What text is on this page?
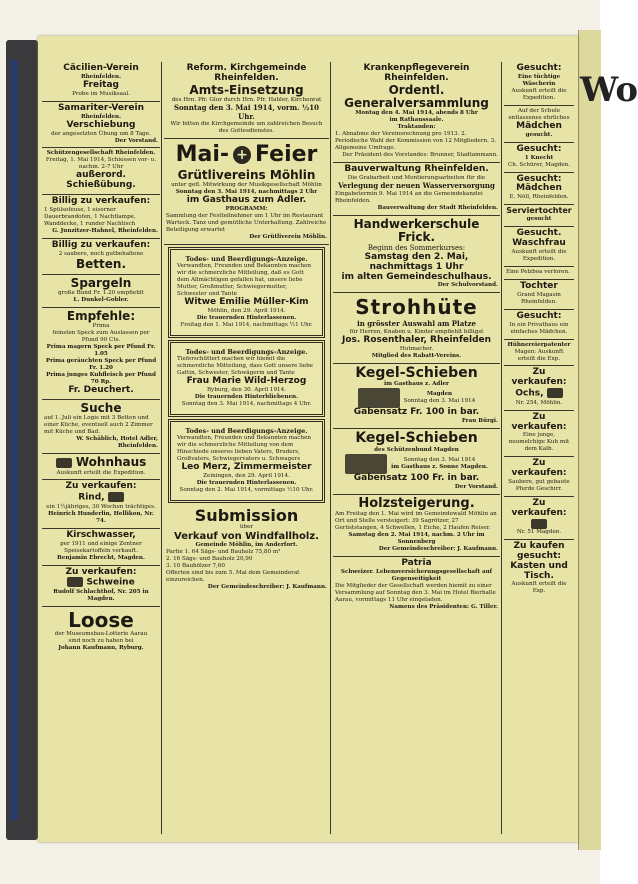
Wo
Cäcilien-Verein
Rheinfelden.
Freitag
Probe im Musiksaal.
Samariter-Verein
Rheinfelden.
Verschiebung
der angesetzten Übung um 8 Tage.
Der Vorstand.
Schützengesellschaft Rheinfelden.
Freitag, 1. Mai 1914, Schiessen vor- u. nachm. 2-7 Uhr
außerord. Schießübung.
Billig zu verkaufen:
1 Spülsofeuse, 1 eiserner Dauerbrandofen, 1 Nachtlampe, Wanddecke, 1 runder Nachtisch
G. Junzitzer-Hahnel, Rheinfelden.
Billig zu verkaufen:
2 saubere, noch gutbehaltene
Betten.
Spargeln
große Bund Fr. 1.20 empfiehlt
L. Dunkel-Gobler.
Empfehle:
Prima
feinsten Speck zum Auslassen per Pfund 90 Cts.
Prima magern Speck per Pfund Fr. 1.05
Prima geräuchten Speck per Pfund Fr. 1.20
Prima junges Kuhfleisch per Pfund 70 Rp.
Fr. Deuchert.
Suche
auf 1. Juli ein Logis mit 3 Betten und einer Küche, eventuell auch 2 Zimmer mit Küche und Bad.
W. Schäblich, Hotel Adler, Rheinfelden.
Wohnhaus
Auskunft erteilt die Expedition.
Zu verkaufen:
Rind,
ein 1½jähriges, 30 Wochen trächtiges.
Heinrich Hunderlin, Hellikon, Nr. 74.
Kirschwasser,
per 1911 und einige Zentner Speisekartoffeln verkauft.
Benjamin Ebrecht, Magden.
Zu verkaufen:
Schweine
Rudolf Schlachthof, Nr. 205 in Magden.
Loose
der Museumsbau-Lotterie Aarau
sind noch zu haben bei
Johann Kaufmann, Ryburg.
Reform. Kirchgemeinde Rheinfelden.
Amts-Einsetzung
des Hrn. Pfr. Glur durch Hrn. Pfr. Hahler, Kirchenrat
Sonntag den 3. Mai 1914, vorm. ½10 Uhr.
Wir bitten die Kirchgemeinde um zahlreichen Besuch des Gottesdienstes.
Mai- + Feier
Grütlivereins Möhlin
unter gefl. Mitwirkung der Musikgesellschaft Möhlin
Sonntag den 3. Mai 1914, nachmittags 2 Uhr
im Gasthaus zum Adler.
PROGRAMM:
Sammlung der Festteilnehmer um 1 Uhr im Restaurant Warteck. Tanz und gemütliche Unterhaltung. Zahlreiche Beteiligung erwartet
Der Grütliverein Möhlin.
Todes- und Beerdigungs-Anzeige.
Verwandten, Freunden und Bekannten machen wir die schmerzliche Mitteilung, daß es Gott dem Allmächtigen gefallen hat, unsere liebe Mutter, Großmutter, Schwiegermutter, Schwester und Tante
Witwe Emilie Müller-Kim
Möhlin, den 29. April 1914.
Die trauernden Hinterlassenen.
Freitag den 1. Mai 1914, nachmittags ½1 Uhr.
Todes- und Beerdigungs-Anzeige.
Tieferschüttert machen wir hiemit die schmerzliche Mitteilung, dass Gott unsere liebe Gattin, Schwester, Schwägerin und Tante
Frau Marie Wild-Herzog
Ryburg, den 30. April 1914.
Die trauernden Hinterbliebenen.
Sonntag den 3. Mai 1914, nachmittags 4 Uhr.
Todes- und Beerdigungs-Anzeige.
Verwandten, Freunden und Bekannten machen wir die schmerzliche Mitteilung von dem Hinschiede unseres lieben Vaters, Bruders, Großvaters, Schwiegervaters u. Schwagers
Leo Merz, Zimmermeister
Zeiningen, den 29. April 1914.
Die trauernden Hinterlassenen.
Sonntag den 2. Mai 1914, vormittags ½10 Uhr.
Submission
über
Verkauf von Windfallholz.
Gemeinde Möhlin, im Anderfort.
Partie 1. 64 Sägs- und Bauholz 75,80 m³
2. 16 Sägs- und Bauholz 20,90
3. 10 Bauhölzer 7,60
Offerten sind bis zum 5. Mai dem Gemeinderat einzureichen.
Der Gemeindeschreiber: J. Kaufmann.
Krankenpflegeverein Rheinfelden.
Ordentl. Generalversammlung
Montag den 4. Mai 1914, abends 8 Uhr
im Rathaussaale.
Traktanden:
1. Abnahme der Vereinsrechnung pro 1913. 2. Periodische Wahl der Kommission von 12 Mitgliedern. 3. Allgemeine Umfrage.
Der Präsident des Vorstandes: Brunner, Stadtammann.
Bauverwaltung Rheinfelden.
Die Grabarbeit und Montierungsarbeiten für die
Verlegung der neuen Wasserversorgung
Eingabetermin 9. Mai 1914 an die Gemeindekanzlei Rheinfelden.
Bauverwaltung der Stadt Rheinfelden.
Handwerkerschule Frick.
Beginn des Sommerkurses:
Samstag den 2. Mai, nachmittags 1 Uhr
im alten Gemeindeschulhaus.
Der Schulvorstand.
Strohhüte
in grösster Auswahl am Platze
für Herren, Knaben u. Kinder empfiehlt billigst
Jos. Rosenthaler, Rheinfelden
Hutmacher.
Mitglied des Rabatt-Vereins.
Kegel-Schieben
im Gasthaus z. Adler
Magden
Sonntag den 3. Mai 1914
Gabensatz Fr. 100 in bar.
Frau Bürgi.
Kegel-Schieben
des Schützenbund Magden
Sonntag den 3. Mai 1914
im Gasthaus z. Sonne Magden.
Gabensatz 100 Fr. in bar.
Der Vorstand.
Holzsteigerung.
Am Freitag den 1. Mai wird im Gemeindewald Möhlin an Ort und Stelle versteigert: 39 Sagrötzer, 27 Gerüststangen, 4 Schwellen, 1 Eiche, 2 Haufen Reiser.
Samstag den 2. Mai 1914, nachm. 2 Uhr im Sonnenberg
Der Gemeindeschreiber: J. Kaufmann.
Patria
Schweizer. Lebensversicherungsgesellschaft auf Gegenseitigkeit
Die Mitglieder der Gesellschaft werden hiemit zu einer Versammlung auf Sonntag den 3. Mai im Hotel Bierhalle Aarau, vormittags 11 Uhr eingeladen.
Namens des Präsidenten: G. Tiller.
Gesucht:
Eine tüchtige Wäscherin
Auskunft erteilt die Expedition.
Auf der Schule entlassenes ehrliches
Mädchen
gesucht.
Gesucht:
1 Knecht
Ch. Schürer, Magden.
Gesucht:
Mädchen
E. Nöll, Rheinfelden.
Serviertochter
gesucht
Gesucht.
Waschfrau
Auskunft erteilt die Expedition.
Eine Pelzboa verloren.
Tochter
Grand Magasin Rheinfelden.
Gesucht:
In ein Privathaus ein einfaches Mädchen.
Hühnereierpatenter
Magen: Auskunft erteilt die Exp.
Zu verkaufen:
Ochs,
Nr. 254, Möhlin.
Zu verkaufen:
Eine junge, neumelchige Kuh mit dem Kalb.
Zu verkaufen:
Saubere, gut gebaute Pferde Geschirr.
Zu verkaufen:
Nr. 51 Magden.
Zu kaufen gesucht:
Kasten und Tisch.
Auskunft erteilt die Exp.
